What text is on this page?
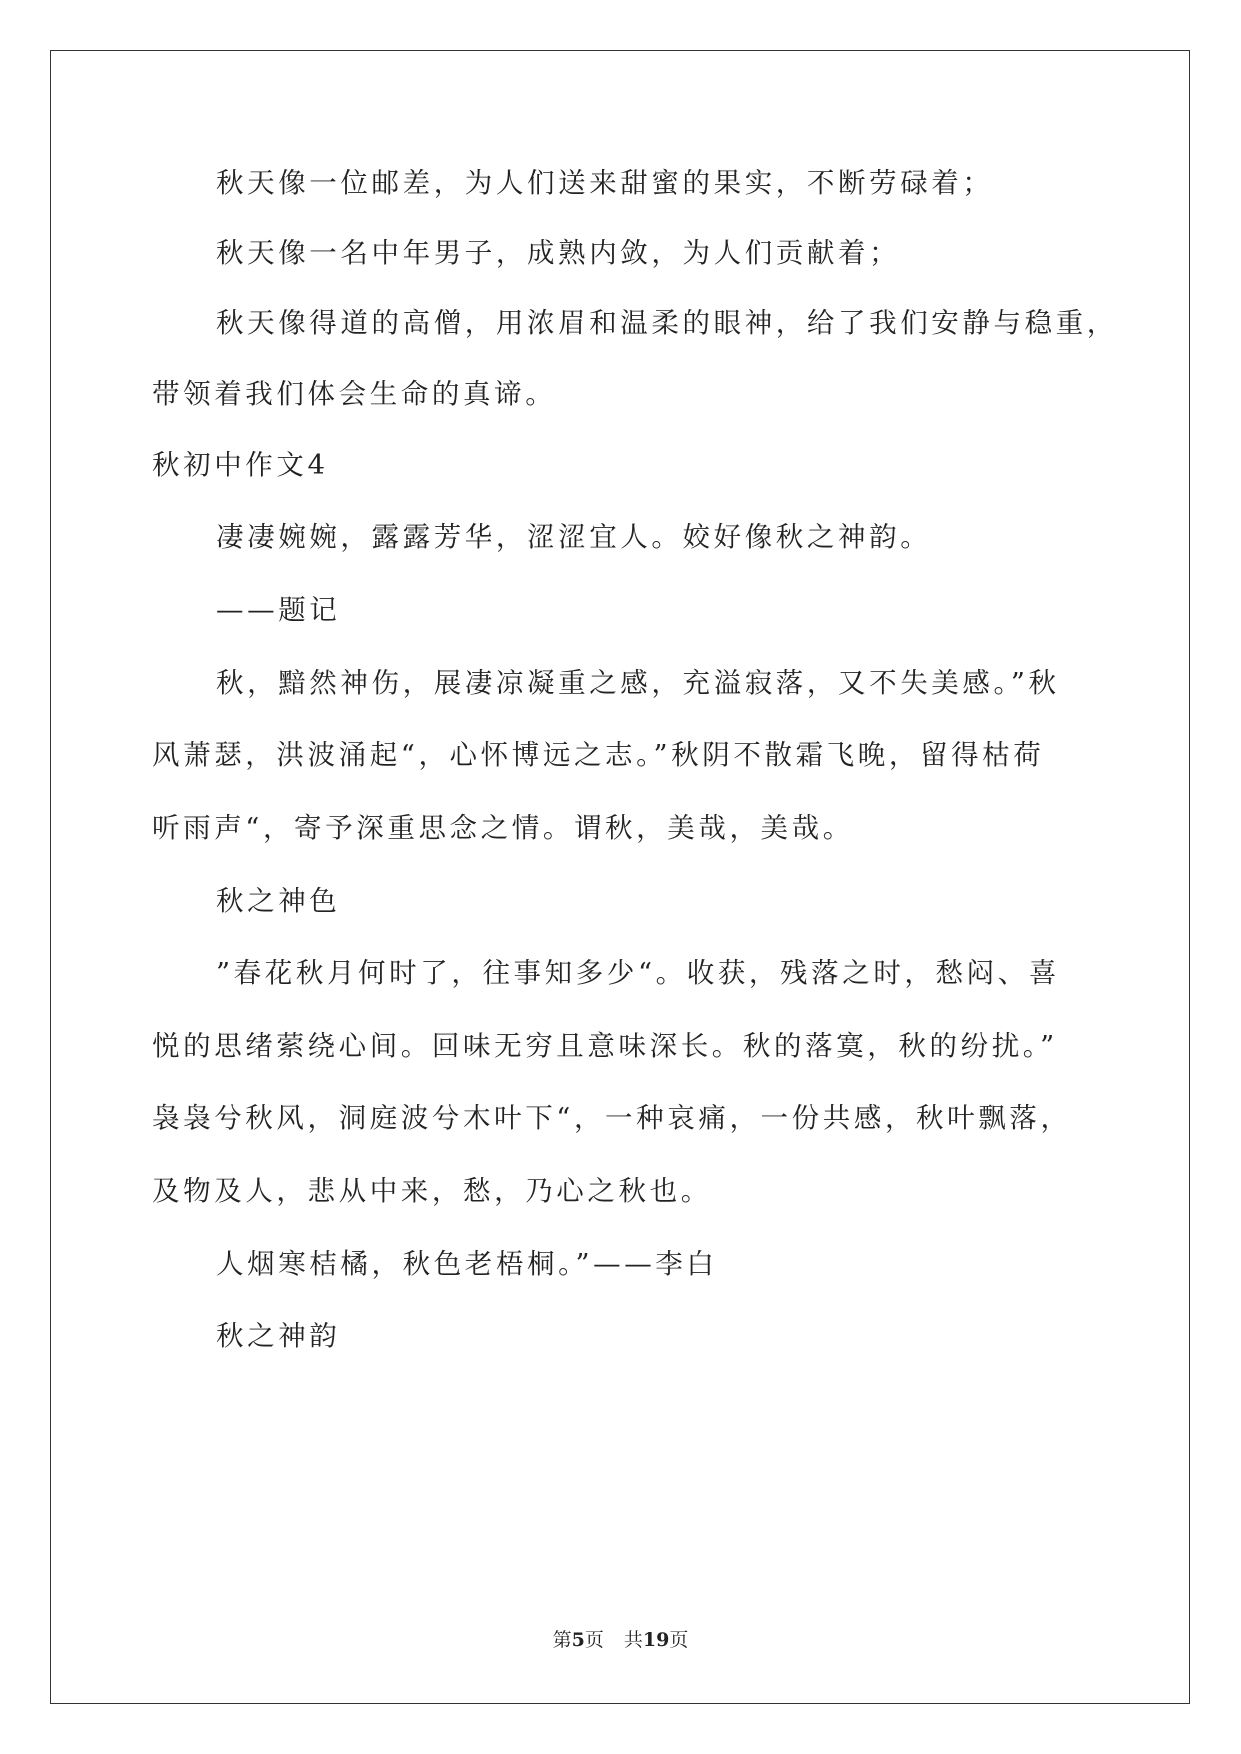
秋天像一位邮差，为人们送来甜蜜的果实，不断劳碌着；
秋天像一名中年男子，成熟内敛，为人们贡献着；
秋天像得道的高僧，用浓眉和温柔的眼神，给了我们安静与稳重，
带领着我们体会生命的真谛。
秋初中作文4
凄凄婉婉，露露芳华，涩涩宜人。姣好像秋之神韵。
——题记
秋，黯然神伤，展凄凉凝重之感，充溢寂落，又不失美感。”秋
风萧瑟，洪波涌起“，心怀博远之志。”秋阴不散霜飞晚，留得枯荷
听雨声“，寄予深重思念之情。谓秋，美哉，美哉。
秋之神色
”春花秋月何时了，往事知多少“。收获，残落之时，愁闷、喜
悦的思绪萦绕心间。回味无穷且意味深长。秋的落寞，秋的纷扰。”
袅袅兮秋风，洞庭波兮木叶下“，一种哀痛，一份共感，秋叶飘落，
及物及人，悲从中来，愁，乃心之秋也。
人烟寒桔橘，秋色老梧桐。”——李白
秋之神韵
第5页 共19页
